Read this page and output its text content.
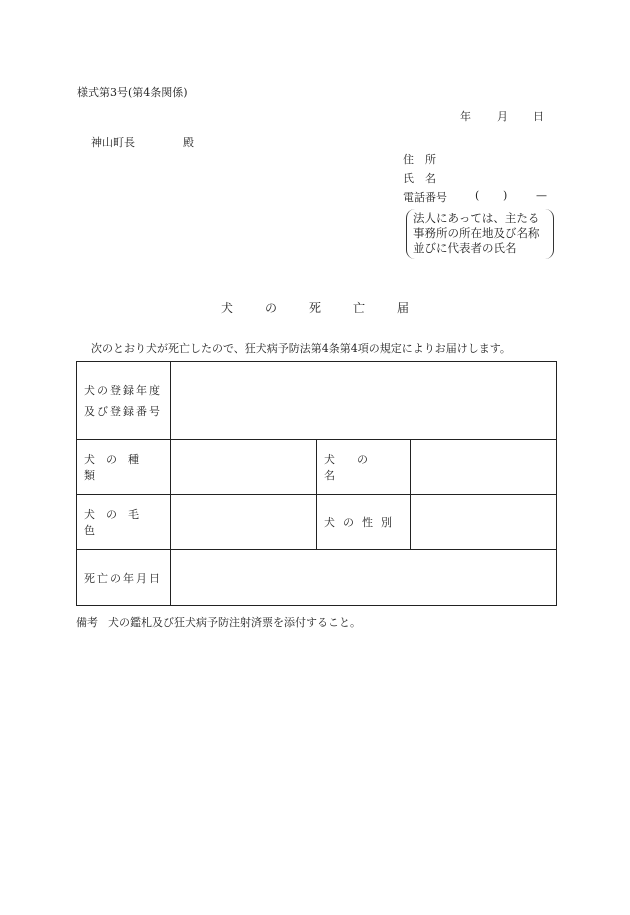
様式第3号(第4条関係)
年 月 日
神山町長	殿
住所
氏名
電話番号	( )	—
法人にあっては、主たる
事務所の所在地及び名称
並びに代表者の氏名
犬	の	死	亡	届
次のとおり犬が死亡したので、狂犬病予防法第4条第4項の規定によりお届けします。
犬の登録年度
及び登録番号			

犬の種類		犬の名	
犬の毛色		犬の性別	
死亡の年月日			
備考 犬の鑑札及び狂犬病予防注射済票を添付すること。
